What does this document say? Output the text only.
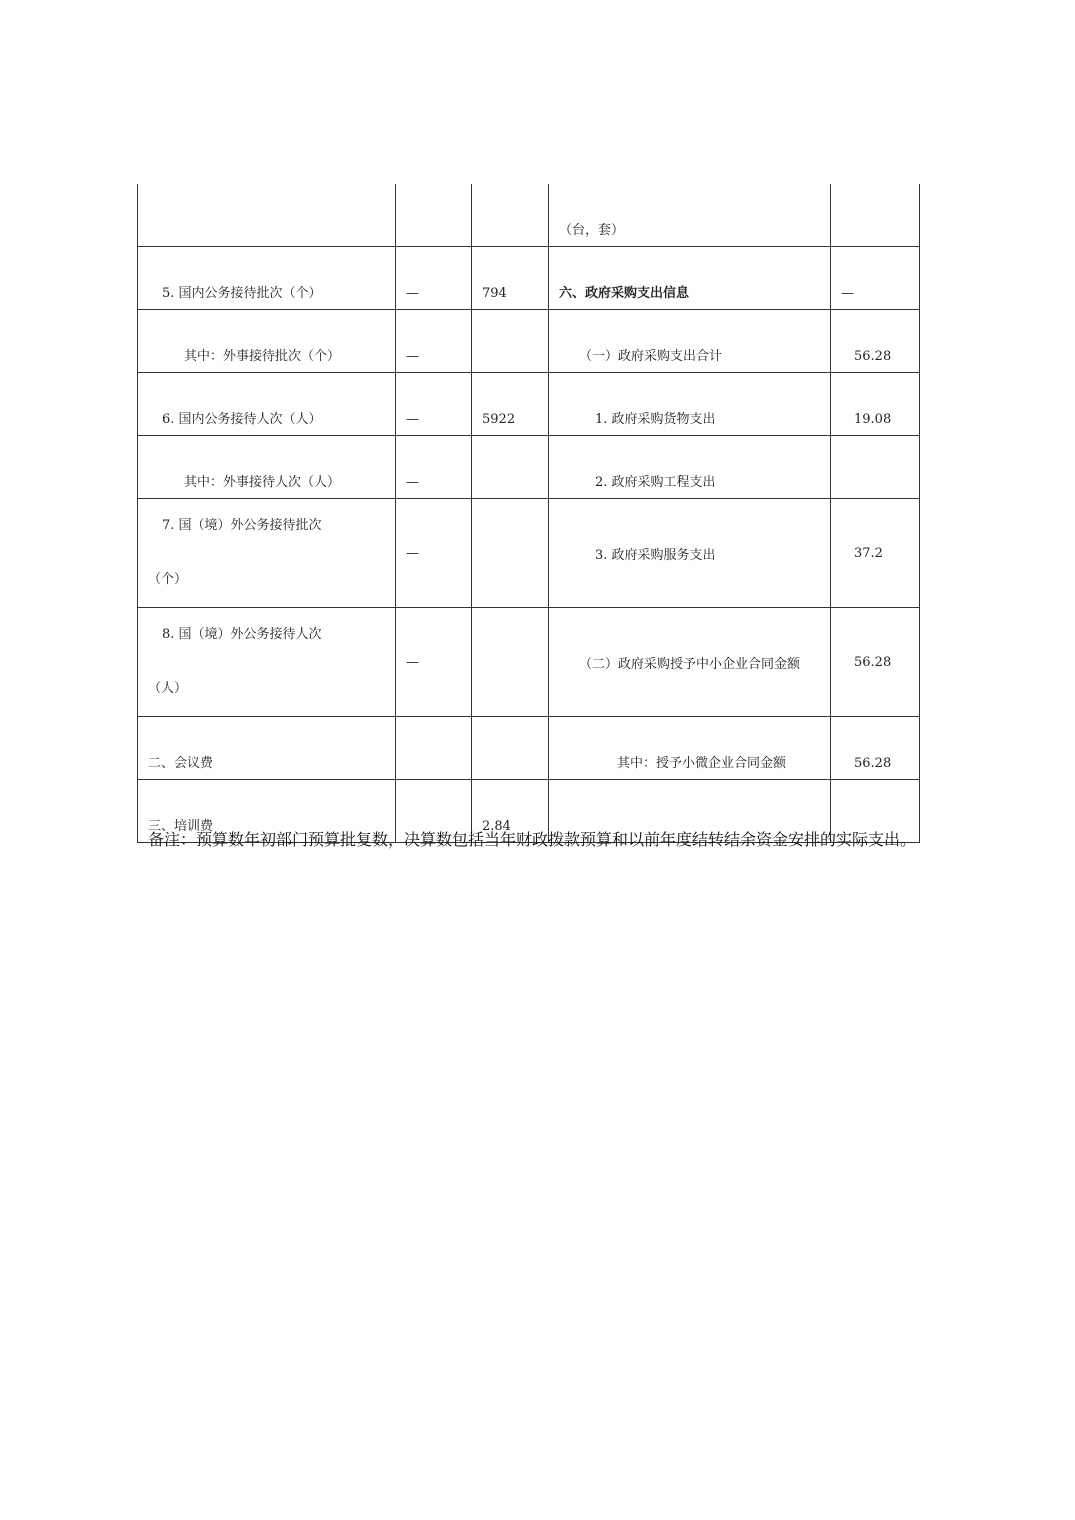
			（台，套）	
5. 国内公务接待批次（个）	—	794	六、政府采购支出信息	—
其中：外事接待批次（个）	—		（一）政府采购支出合计	56.28
6. 国内公务接待人次（人）	—	5922	1. 政府采购货物支出	19.08
其中：外事接待人次（人）	—		2. 政府采购工程支出	

7. 国（境）外公务接待批次
（个）	—		3. 政府采购服务支出	37.2

8. 国（境）外公务接待人次
（人）	—		（二）政府采购授予中小企业合同金额	56.28
二、会议费			其中：授予小微企业合同金额	56.28
三、培训费		2.84		
备注：预算数年初部门预算批复数，决算数包括当年财政拨款预算和以前年度结转结余资金安排的实际支出。
